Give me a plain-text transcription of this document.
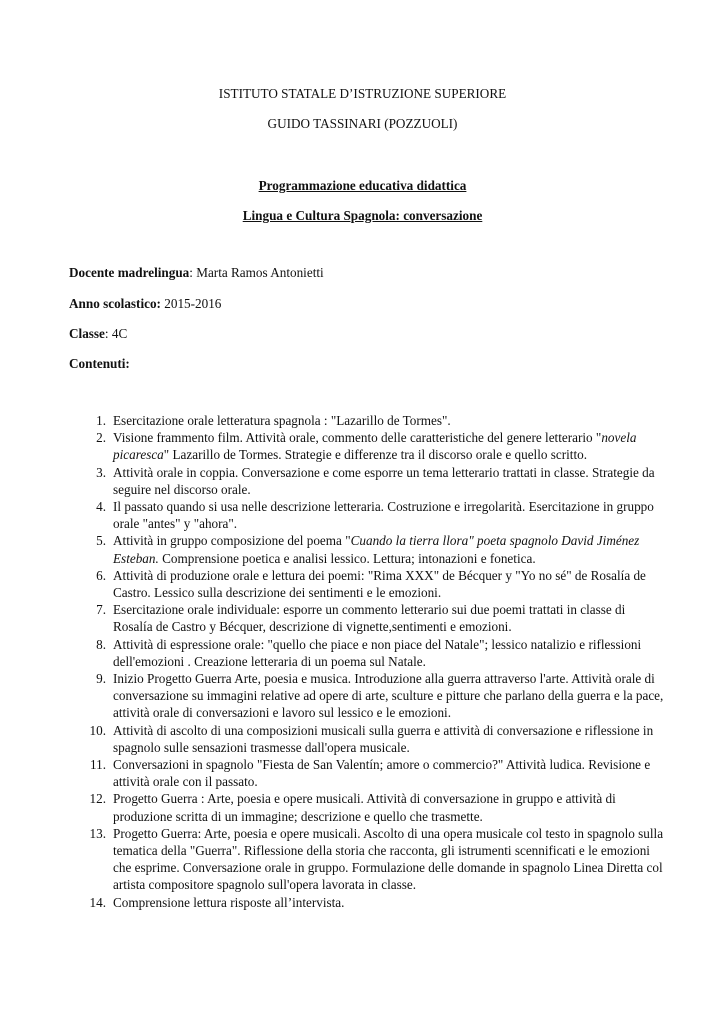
ISTITUTO STATALE D’ISTRUZIONE SUPERIORE
GUIDO TASSINARI (POZZUOLI)
Programmazione educativa didattica
Lingua e Cultura Spagnola: conversazione
Docente madrelingua: Marta Ramos Antonietti
Anno scolastico: 2015-2016
Classe: 4C
Contenuti:
1. Esercitazione orale letteratura spagnola : "Lazarillo de Tormes".
2. Visione frammento film. Attività orale, commento delle caratteristiche del genere letterario "novela picaresca" Lazarillo de Tormes. Strategie e differenze tra il discorso orale e quello scritto.
3. Attività orale in coppia. Conversazione e come esporre un tema letterario trattati in classe. Strategie da seguire nel discorso orale.
4. Il passato quando si usa nelle descrizione letteraria. Costruzione e irregolarità. Esercitazione in gruppo orale "antes" y "ahora".
5. Attività in gruppo composizione del poema "Cuando la tierra llora" poeta spagnolo David Jiménez Esteban. Comprensione poetica e analisi lessico. Lettura; intonazioni e fonetica.
6. Attività di produzione orale e lettura dei poemi: "Rima XXX" de Bécquer y "Yo no sé" de Rosalía de Castro. Lessico sulla descrizione dei sentimenti e le emozioni.
7. Esercitazione orale individuale: esporre un commento letterario sui due poemi trattati in classe di Rosalía de Castro y Bécquer, descrizione di vignette,sentimenti e emozioni.
8. Attività di espressione orale: "quello che piace e non piace del Natale"; lessico natalizio e riflessioni dell'emozioni . Creazione letteraria di un poema sul Natale.
9. Inizio Progetto Guerra Arte, poesia e musica. Introduzione alla guerra attraverso l'arte. Attività orale di conversazione su immagini relative ad opere di arte, sculture e pitture che parlano della guerra e la pace, attività orale di conversazioni e lavoro sul lessico e le emozioni.
10. Attività di ascolto di una composizioni musicali sulla guerra e attività di conversazione e riflessione in spagnolo sulle sensazioni trasmesse dall'opera musicale.
11. Conversazioni in spagnolo "Fiesta de San Valentín; amore o commercio?" Attività ludica. Revisione e attività orale con il passato.
12. Progetto Guerra : Arte, poesia e opere musicali. Attività di conversazione in gruppo e attività di produzione scritta di un immagine; descrizione e quello che trasmette.
13. Progetto Guerra: Arte, poesia e opere musicali. Ascolto di una opera musicale col testo in spagnolo sulla tematica della "Guerra". Riflessione della storia che racconta, gli istrumenti scennificati e le emozioni che esprime. Conversazione orale in gruppo. Formulazione delle domande in spagnolo Linea Diretta col artista compositore spagnolo sull'opera lavorata in classe.
14. Comprensione lettura risposte all’intervista.
